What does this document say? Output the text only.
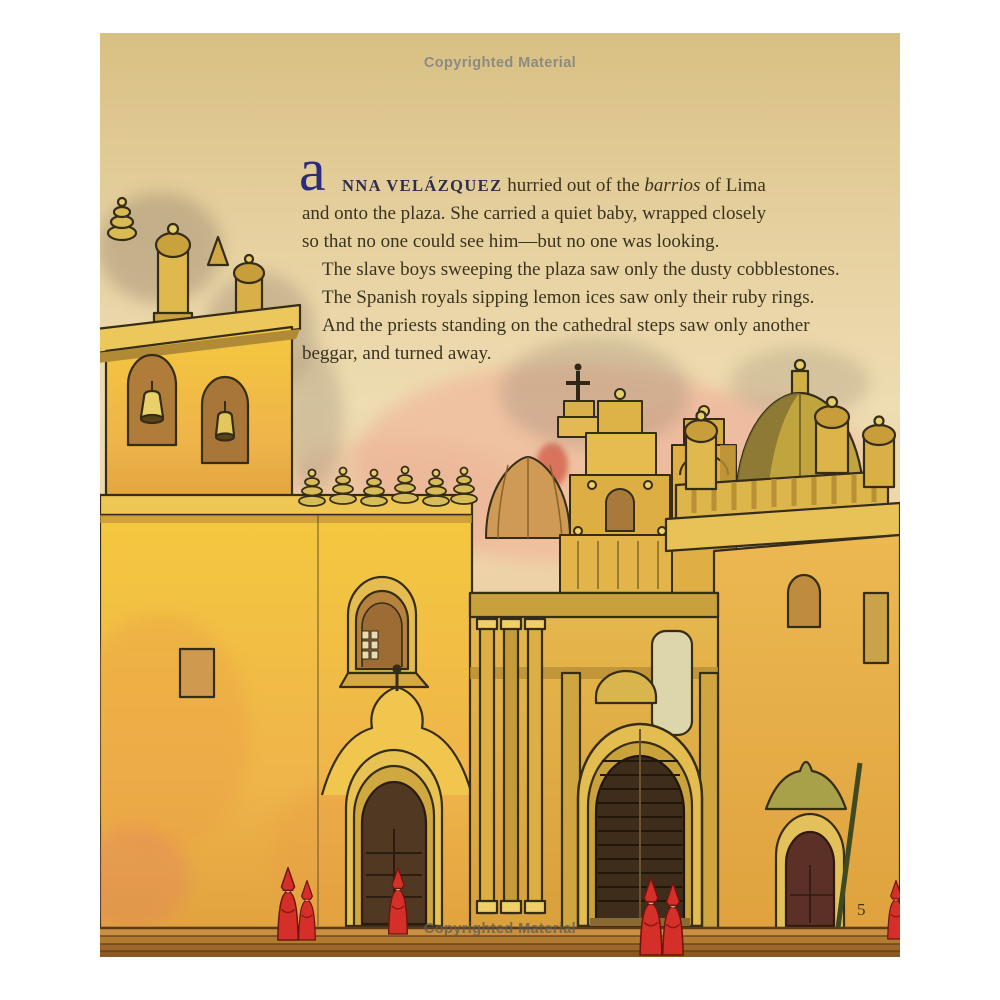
Copyrighted Material
a NNA VELÁZQUEZ hurried out of the barrios of Lima
and onto the plaza. She carried a quiet baby, wrapped closely
so that no one could see him—but no one was looking.
The slave boys sweeping the plaza saw only the dusty cobblestones.
The Spanish royals sipping lemon ices saw only their ruby rings.
And the priests standing on the cathedral steps saw only another
beggar, and turned away.
5
Copyrighted Material
